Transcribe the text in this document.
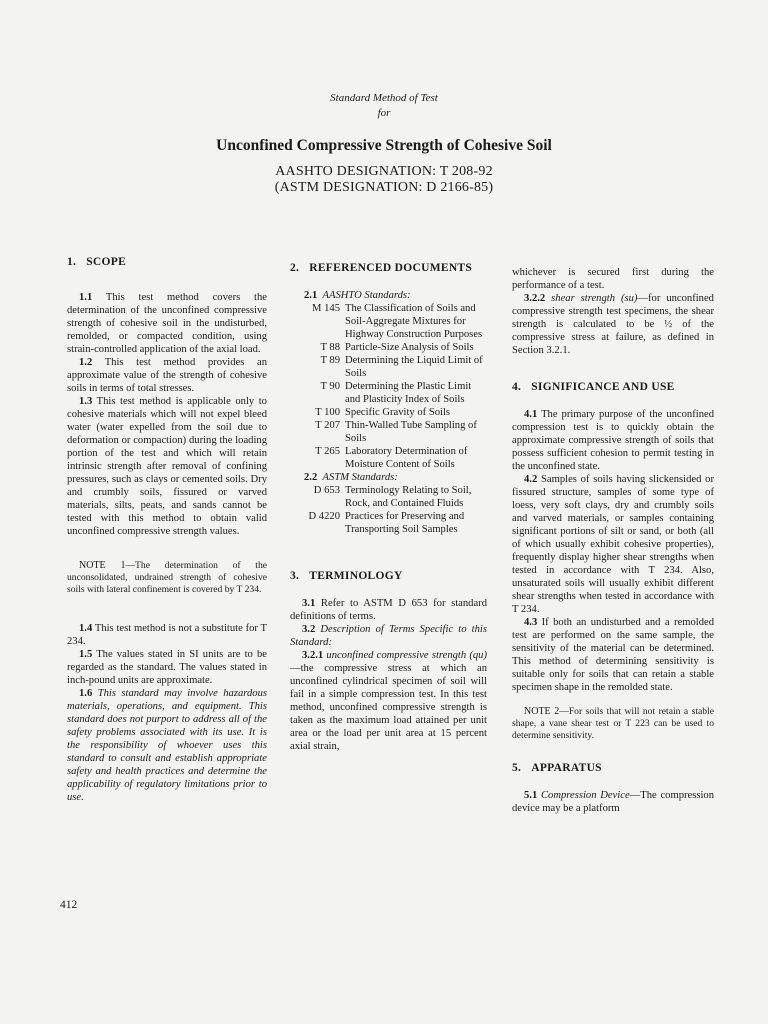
Standard Method of Test
for
Unconfined Compressive Strength of Cohesive Soil
AASHTO DESIGNATION: T 208-92
(ASTM DESIGNATION: D 2166-85)
1. SCOPE

1.1 This test method covers the determination of the unconfined compressive strength of cohesive soil in the undisturbed, remolded, or compacted condition, using strain-controlled application of the axial load.

1.2 This test method provides an approximate value of the strength of cohesive soils in terms of total stresses.

1.3 This test method is applicable only to cohesive materials which will not expel bleed water (water expelled from the soil due to deformation or compaction) during the loading portion of the test and which will retain intrinsic strength after removal of confining pressures, such as clays or cemented soils. Dry and crumbly soils, fissured or varved materials, silts, peats, and sands cannot be tested with this method to obtain valid unconfined compressive strength values.

NOTE 1—The determination of the unconsolidated, undrained strength of cohesive soils with lateral confinement is covered by T 234.

1.4 This test method is not a substitute for T 234.

1.5 The values stated in SI units are to be regarded as the standard. The values stated in inch-pound units are approximate.

1.6 This standard may involve hazardous materials, operations, and equipment. This standard does not purport to address all of the safety problems associated with its use. It is the responsibility of whoever uses this standard to consult and establish appropriate safety and health practices and determine the applicability of regulatory limitations prior to use.

2. REFERENCED DOCUMENTS
2.1 AASHTO Standards:
M 145 The Classification of Soils and Soil-Aggregate Mixtures for Highway Construction Purposes
T 88 Particle-Size Analysis of Soils
T 89 Determining the Liquid Limit of Soils
T 90 Determining the Plastic Limit and Plasticity Index of Soils
T 100 Specific Gravity of Soils
T 207 Thin-Walled Tube Sampling of Soils
T 265 Laboratory Determination of Moisture Content of Soils
2.2 ASTM Standards:
D 653 Terminology Relating to Soil, Rock, and Contained Fluids
D 4220 Practices for Preserving and Transporting Soil Samples
3. TERMINOLOGY

3.1 Refer to ASTM D 653 for standard definitions of terms.

3.2 Description of Terms Specific to this Standard:

3.2.1 unconfined compressive strength (qu)—the compressive stress at which an unconfined cylindrical specimen of soil will fail in a simple compression test. In this test method, unconfined compressive strength is taken as the maximum load attained per unit area or the load per unit area at 15 percent axial strain,

whichever is secured first during the performance of a test.

3.2.2 shear strength (su)—for unconfined compressive strength test specimens, the shear strength is calculated to be ½ of the compressive stress at failure, as defined in Section 3.2.1.

4. SIGNIFICANCE AND USE

4.1 The primary purpose of the unconfined compression test is to quickly obtain the approximate compressive strength of soils that possess sufficient cohesion to permit testing in the unconfined state.

4.2 Samples of soils having slickensided or fissured structure, samples of some type of loess, very soft clays, dry and crumbly soils and varved materials, or samples containing significant portions of silt or sand, or both (all of which usually exhibit cohesive properties), frequently display higher shear strengths when tested in accordance with T 234. Also, unsaturated soils will usually exhibit different shear strengths when tested in accordance with T 234.

4.3 If both an undisturbed and a remolded test are performed on the same sample, the sensitivity of the material can be determined. This method of determining sensitivity is suitable only for soils that can retain a stable specimen shape in the remolded state.

NOTE 2—For soils that will not retain a stable shape, a vane shear test or T 223 can be used to determine sensitivity.

5. APPARATUS

5.1 Compression Device—The compression device may be a platform

412
